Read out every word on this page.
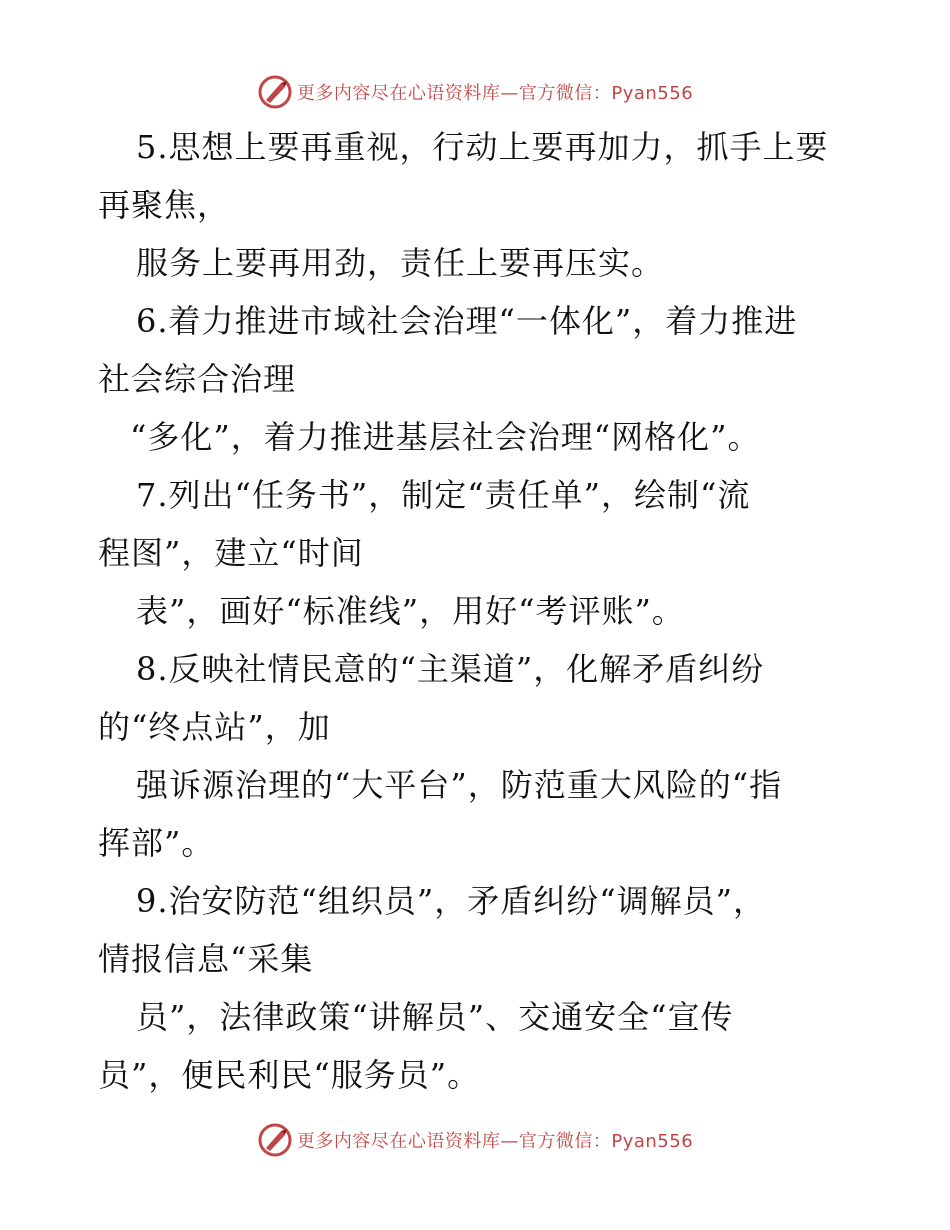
更多内容尽在心语资料库—官方微信：Pyan556
5.思想上要再重视，行动上要再加力，抓手上要
再聚焦，
服务上要再用劲，责任上要再压实。
6.着力推进市域社会治理“一体化”，着力推进
社会综合治理
“多化”，着力推进基层社会治理“网格化”。
7.列出“任务书”，制定“责任单”，绘制“流
程图”，建立“时间
表”，画好“标准线”，用好“考评账”。
8.反映社情民意的“主渠道”，化解矛盾纠纷
的“终点站”，加
强诉源治理的“大平台”，防范重大风险的“指
挥部”。
9.治安防范“组织员”，矛盾纠纷“调解员”，
情报信息“采集
员”，法律政策“讲解员”、交通安全“宣传
员”，便民利民“服务员”。
更多内容尽在心语资料库—官方微信：Pyan556
